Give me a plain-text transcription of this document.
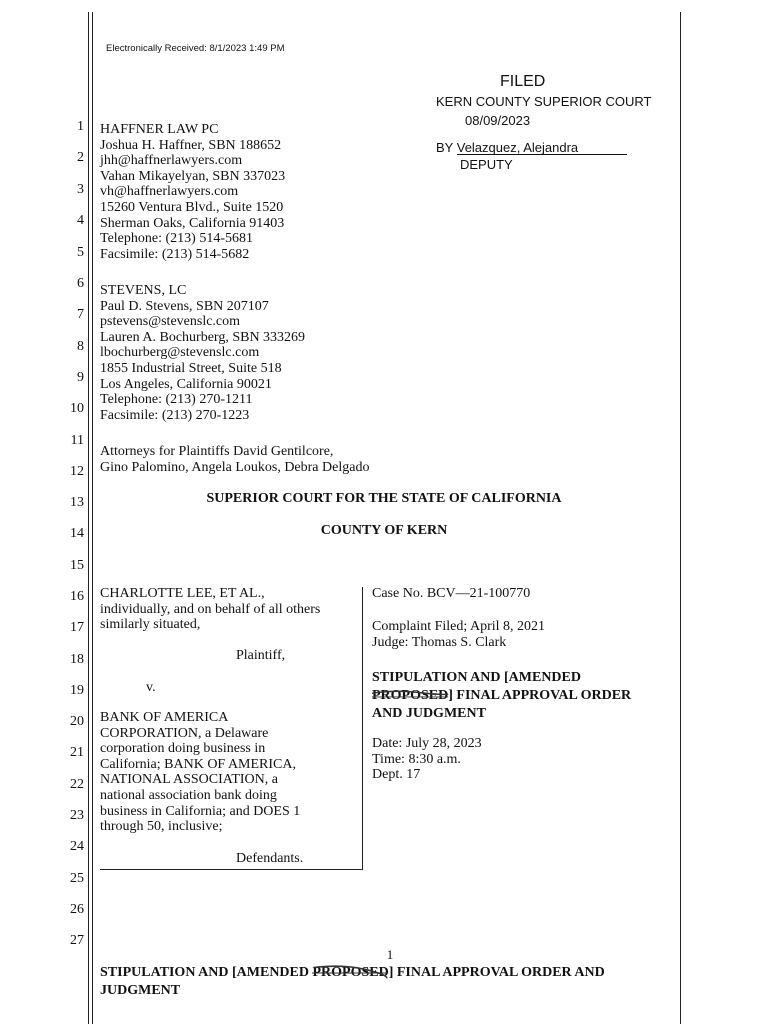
Electronically Received: 8/1/2023 1:49 PM
FILED
KERN COUNTY SUPERIOR COURT
08/09/2023
BY Velazquez, Alejandra
DEPUTY
1
2
3
4
5
6
7
8
9
10
11
12
13
14
15
16
17
18
19
20
21
22
23
24
25
26
27
HAFFNER LAW PC
Joshua H. Haffner, SBN 188652
jhh@haffnerlawyers.com
Vahan Mikayelyan, SBN 337023
vh@haffnerlawyers.com
15260 Ventura Blvd., Suite 1520
Sherman Oaks, California 91403
Telephone: (213) 514-5681
Facsimile: (213) 514-5682
STEVENS, LC
Paul D. Stevens, SBN 207107
pstevens@stevenslc.com
Lauren A. Bochurberg, SBN 333269
lbochurberg@stevenslc.com
1855 Industrial Street, Suite 518
Los Angeles, California 90021
Telephone: (213) 270-1211
Facsimile: (213) 270-1223
Attorneys for Plaintiffs David Gentilcore,
Gino Palomino, Angela Loukos, Debra Delgado
SUPERIOR COURT FOR THE STATE OF CALIFORNIA
COUNTY OF KERN
CHARLOTTE LEE, ET AL.,
individually, and on behalf of all others
similarly situated,
Plaintiff,
v.
BANK OF AMERICA
CORPORATION, a Delaware
corporation doing business in
California; BANK OF AMERICA,
NATIONAL ASSOCIATION, a
national association bank doing
business in California; and DOES 1
through 50, inclusive;
Defendants.
Case No. BCV—21-100770
Complaint Filed; April 8, 2021
Judge: Thomas S. Clark
STIPULATION AND [AMENDED
PROPOSED
] FINAL APPROVAL ORDER
AND JUDGMENT
Date: July 28, 2023
Time: 8:30 a.m.
Dept. 17
1
STIPULATION AND [AMENDED PROPOSED
] FINAL APPROVAL ORDER AND
JUDGMENT
